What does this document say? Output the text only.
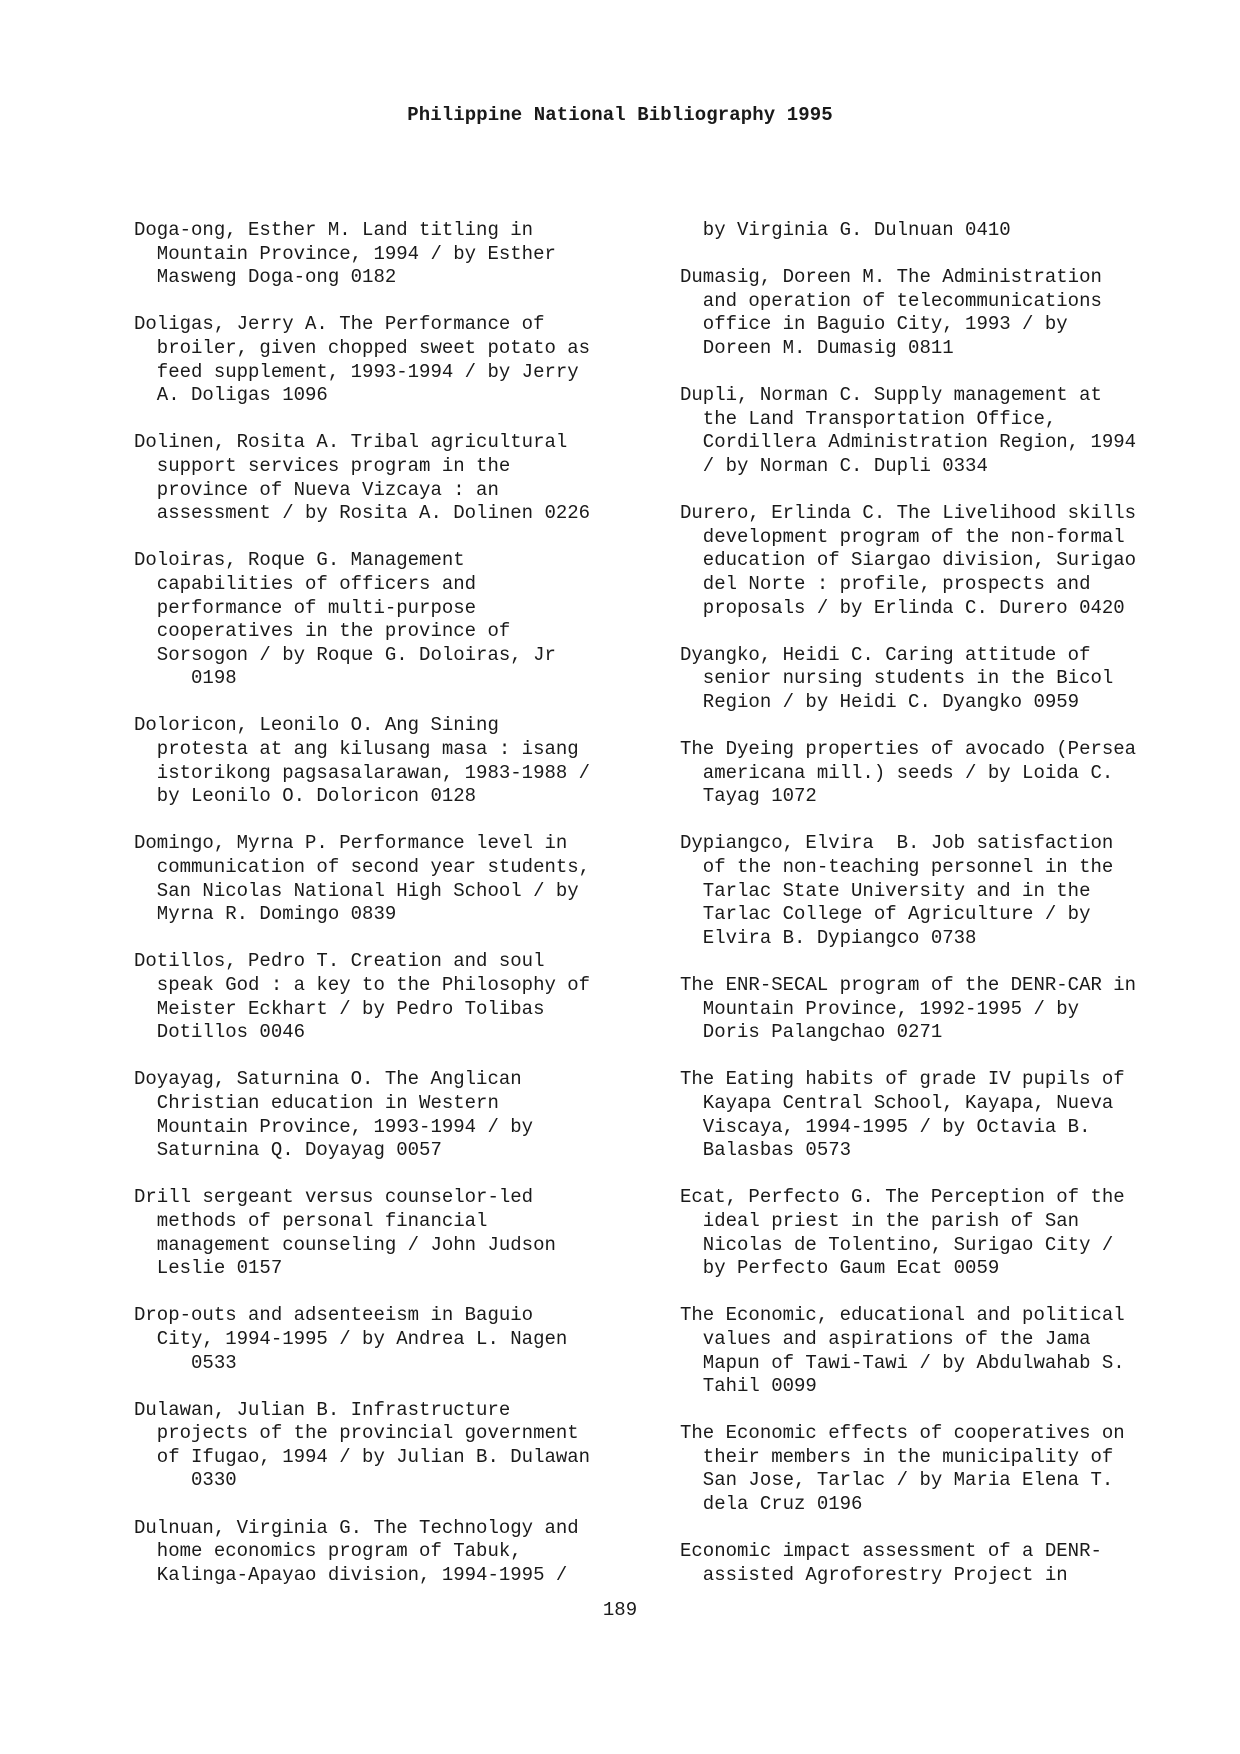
Philippine National Bibliography 1995
Doga-ong, Esther M. Land titling in
Mountain Province, 1994 / by Esther
Masweng Doga-ong 0182
Doligas, Jerry A. The Performance of
broiler, given chopped sweet potato as
feed supplement, 1993-1994 / by Jerry
A. Doligas 1096
Dolinen, Rosita A. Tribal agricultural
support services program in the
province of Nueva Vizcaya : an
assessment / by Rosita A. Dolinen 0226
Doloiras, Roque G. Management
capabilities of officers and
performance of multi-purpose
cooperatives in the province of
Sorsogon / by Roque G. Doloiras, Jr
0198
Doloricon, Leonilo O. Ang Sining
protesta at ang kilusang masa : isang
istorikong pagsasalarawan, 1983-1988 /
by Leonilo O. Doloricon 0128
Domingo, Myrna P. Performance level in
communication of second year students,
San Nicolas National High School / by
Myrna R. Domingo 0839
Dotillos, Pedro T. Creation and soul
speak God : a key to the Philosophy of
Meister Eckhart / by Pedro Tolibas
Dotillos 0046
Doyayag, Saturnina O. The Anglican
Christian education in Western
Mountain Province, 1993-1994 / by
Saturnina Q. Doyayag 0057
Drill sergeant versus counselor-led
methods of personal financial
management counseling / John Judson
Leslie 0157
Drop-outs and adsenteeism in Baguio
City, 1994-1995 / by Andrea L. Nagen
0533
Dulawan, Julian B. Infrastructure
projects of the provincial government
of Ifugao, 1994 / by Julian B. Dulawan
0330
Dulnuan, Virginia G. The Technology and
home economics program of Tabuk,
Kalinga-Apayao division, 1994-1995 /
by Virginia G. Dulnuan 0410
Dumasig, Doreen M. The Administration
and operation of telecommunications
office in Baguio City, 1993 / by
Doreen M. Dumasig 0811
Dupli, Norman C. Supply management at
the Land Transportation Office,
Cordillera Administration Region, 1994
/ by Norman C. Dupli 0334
Durero, Erlinda C. The Livelihood skills
development program of the non-formal
education of Siargao division, Surigao
del Norte : profile, prospects and
proposals / by Erlinda C. Durero 0420
Dyangko, Heidi C. Caring attitude of
senior nursing students in the Bicol
Region / by Heidi C. Dyangko 0959
The Dyeing properties of avocado (Persea
americana mill.) seeds / by Loida C.
Tayag 1072
Dypiangco, Elvira  B. Job satisfaction
of the non-teaching personnel in the
Tarlac State University and in the
Tarlac College of Agriculture / by
Elvira B. Dypiangco 0738
The ENR-SECAL program of the DENR-CAR in
Mountain Province, 1992-1995 / by
Doris Palangchao 0271
The Eating habits of grade IV pupils of
Kayapa Central School, Kayapa, Nueva
Viscaya, 1994-1995 / by Octavia B.
Balasbas 0573
Ecat, Perfecto G. The Perception of the
ideal priest in the parish of San
Nicolas de Tolentino, Surigao City /
by Perfecto Gaum Ecat 0059
The Economic, educational and political
values and aspirations of the Jama
Mapun of Tawi-Tawi / by Abdulwahab S.
Tahil 0099
The Economic effects of cooperatives on
their members in the municipality of
San Jose, Tarlac / by Maria Elena T.
dela Cruz 0196
Economic impact assessment of a DENR-
assisted Agroforestry Project in
189
